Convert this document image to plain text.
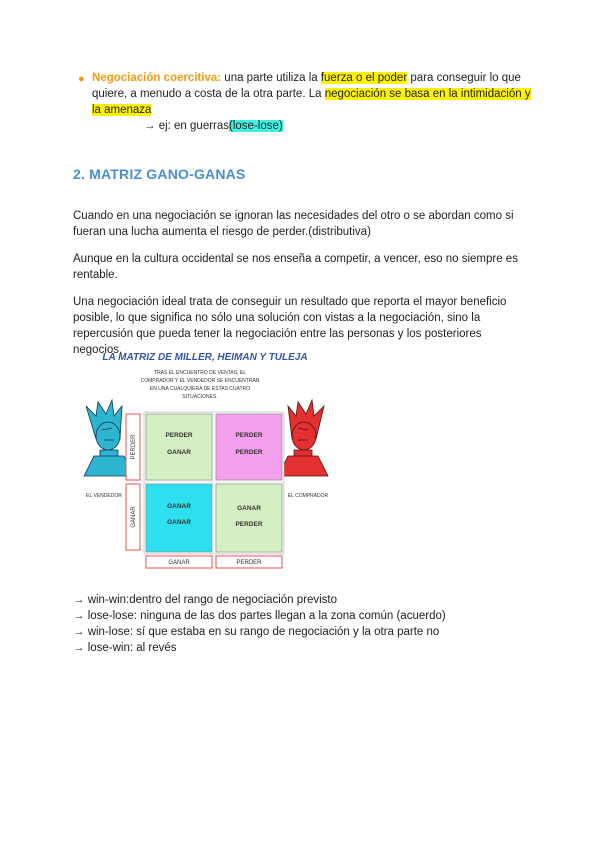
● Negociación coercitiva: una parte utiliza la fuerza o el poder para conseguir lo que quiere, a menudo a costa de la otra parte. La negociación se basa en la intimidación y la amenaza
→ ej: en guerras(lose-lose)
2. MATRIZ GANO-GANAS

Cuando en una negociación se ignoran las necesidades del otro o se abordan como si fueran una lucha aumenta el riesgo de perder.(distributiva)

Aunque en la cultura occidental se nos enseña a competir, a vencer, eso no siempre es rentable.

Una negociación ideal trata de conseguir un resultado que reporta el mayor beneficio posible, lo que significa no sólo una solución con vistas a la negociación, sino la repercusión que pueda tener la negociación entre las personas y los posteriores negocios.

LA MATRIZ DE MILLER, HEIMAN Y TULEJA
TRAS EL ENCUENTRO DE VENTAS, EL
COMPRADOR Y EL VENDEDOR SE ENCUENTRAN
EN UNA CUALQUIERA DE ESTAS CUATRO
SITUACIONES.
EL VENDEDOR	EL COMPRADOR
PERDER
GANAR
PERDER
GANAR
PERDER
PERDER
GANAR
GANAR
GANAR
PERDER
GANAR	PERDER
→ win-win:dentro del rango de negociación previsto
→ lose-lose: ninguna de las dos partes llegan a la zona común (acuerdo)
→ win-lose: sí que estaba en su rango de negociación y la otra parte no
→ lose-win: al revés
